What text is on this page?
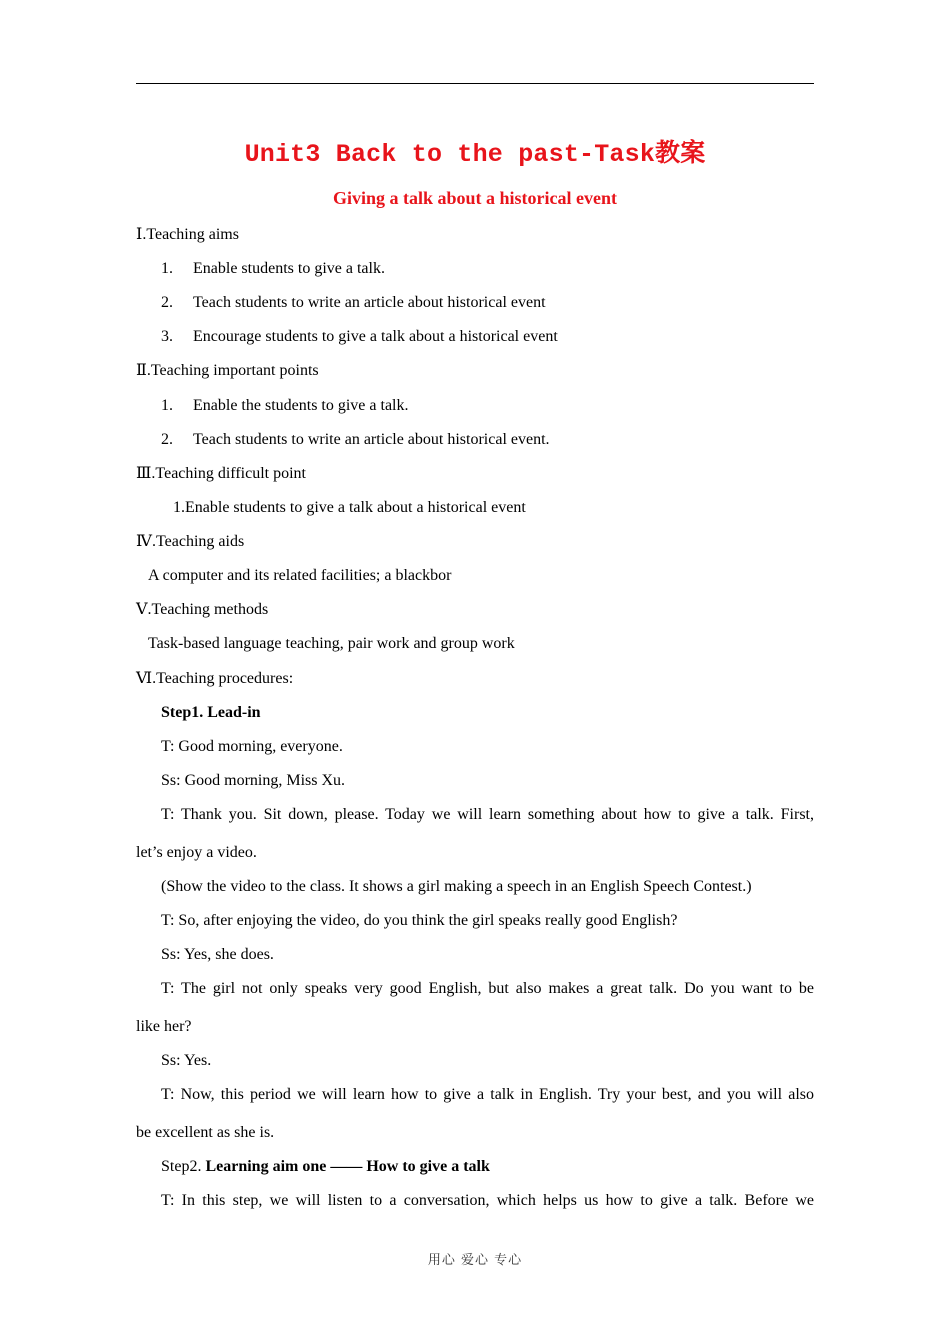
Unit3 Back to the past-Task教案
Giving a talk about a historical event
Ⅰ.Teaching aims
1. Enable students to give a talk.
2. Teach students to write an article about historical event
3. Encourage students to give a talk about a historical event
Ⅱ.Teaching important points
1. Enable the students to give a talk.
2. Teach students to write an article about historical event.
Ⅲ.Teaching difficult point
1.Enable students to give a talk about a historical event
Ⅳ.Teaching aids
A computer and its related facilities; a blackbor
Ⅴ.Teaching methods
Task-based language teaching, pair work and group work
Ⅵ.Teaching procedures:
Step1. Lead-in
T: Good morning, everyone.
Ss: Good morning, Miss Xu.
T: Thank you. Sit down, please. Today we will learn something about how to give a talk. First,
let’s enjoy a video.
(Show the video to the class. It shows a girl making a speech in an English Speech Contest.)
T: So, after enjoying the video, do you think the girl speaks really good English?
Ss: Yes, she does.
T: The girl not only speaks very good English, but also makes a great talk. Do you want to be
like her?
Ss: Yes.
T: Now, this period we will learn how to give a talk in English. Try your best, and you will also
be excellent as she is.
Step2. Learning aim one —— How to give a talk
T: In this step, we will listen to a conversation, which helps us how to give a talk. Before we
用心 爱心 专心
